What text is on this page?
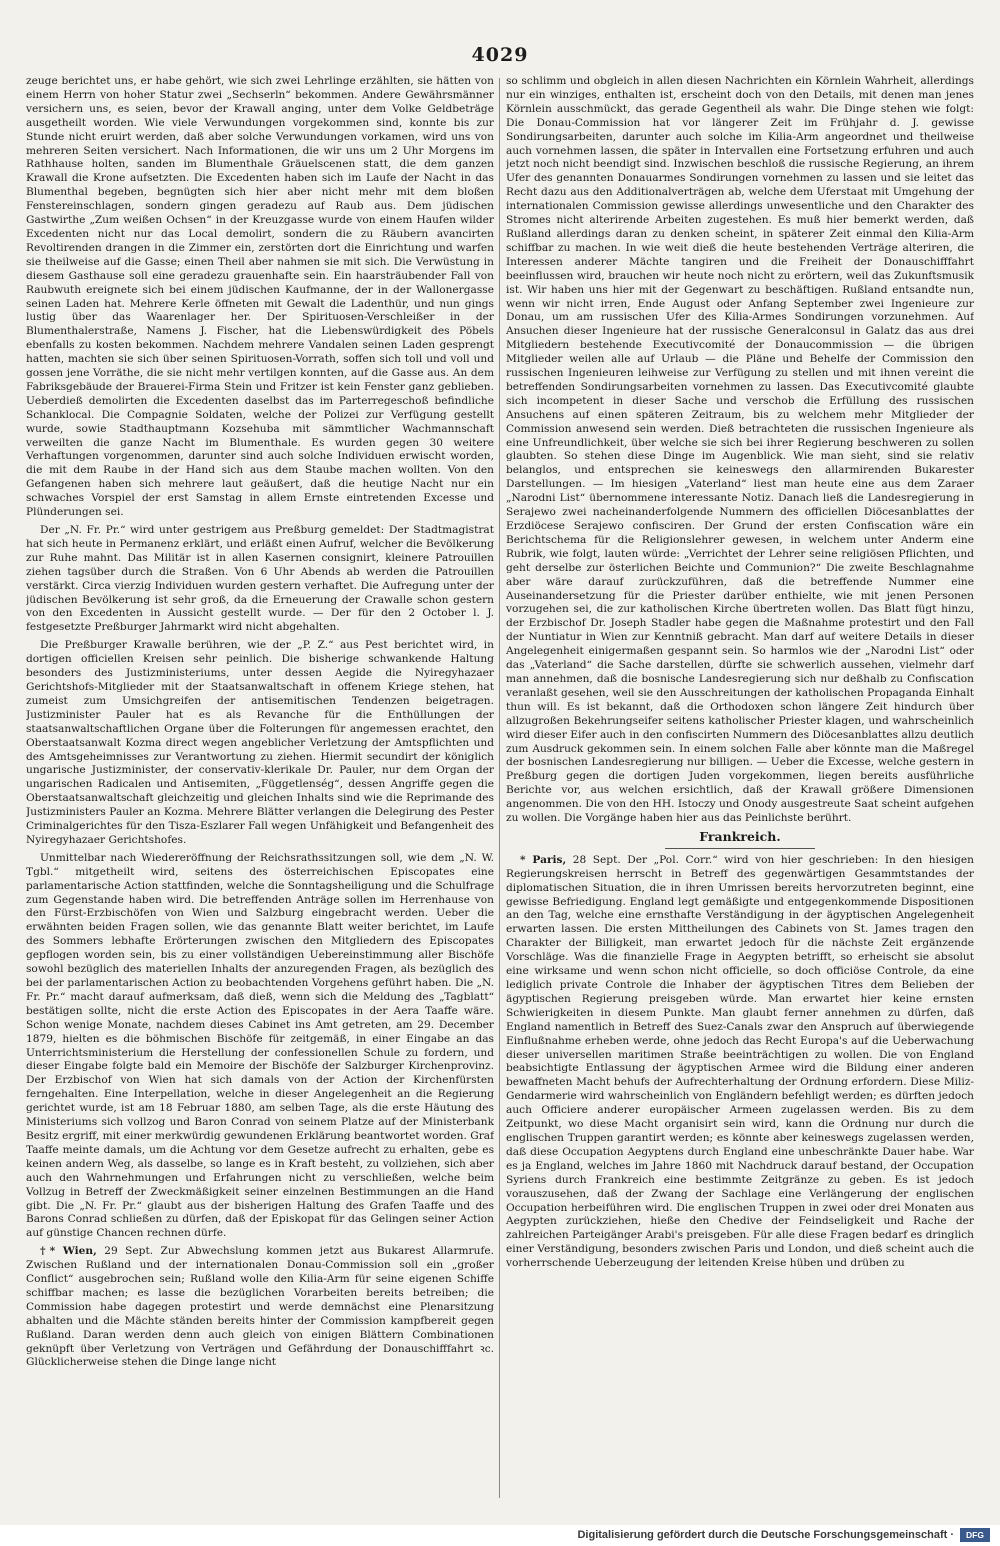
4029

zeuge berichtet uns, er habe gehört, wie sich zwei Lehrlinge erzählten, sie hätten von einem Herrn von hoher Statur zwei „Sechserln“ bekommen. Andere Gewährsmänner versichern uns, es seien, bevor der Krawall anging, unter dem Volke Geldbeträge ausgetheilt worden. Wie viele Verwundungen vorgekommen sind, konnte bis zur Stunde nicht eruirt werden, daß aber solche Verwundungen vorkamen, wird uns von mehreren Seiten versichert. Nach Informationen, die wir uns um 2 Uhr Morgens im Rathhause holten, sanden im Blumenthale Gräuelscenen statt, die dem ganzen Krawall die Krone aufsetzten. Die Excedenten haben sich im Laufe der Nacht in das Blumenthal begeben, begnügten sich hier aber nicht mehr mit dem bloßen Fenstereinschlagen, sondern gingen geradezu auf Raub aus. Dem jüdischen Gastwirthe „Zum weißen Ochsen“ in der Kreuzgasse wurde von einem Haufen wilder Excedenten nicht nur das Local demolirt, sondern die zu Räubern avancirten Revoltirenden drangen in die Zimmer ein, zerstörten dort die Einrichtung und warfen sie theilweise auf die Gasse; einen Theil aber nahmen sie mit sich. Die Verwüstung in diesem Gasthause soll eine geradezu grauenhafte sein. Ein haarsträubender Fall von Raubwuth ereignete sich bei einem jüdischen Kaufmanne, der in der Wallonergasse seinen Laden hat. Mehrere Kerle öffneten mit Gewalt die Ladenthür, und nun gings lustig über das Waarenlager her. Der Spirituosen-Verschleißer in der Blumenthalerstraße, Namens J. Fischer, hat die Liebenswürdigkeit des Pöbels ebenfalls zu kosten bekommen. Nachdem mehrere Vandalen seinen Laden gesprengt hatten, machten sie sich über seinen Spirituosen-Vorrath, soffen sich toll und voll und gossen jene Vorräthe, die sie nicht mehr vertilgen konnten, auf die Gasse aus. An dem Fabriksgebäude der Brauerei-Firma Stein und Fritzer ist kein Fenster ganz geblieben. Ueberdieß demolirten die Excedenten daselbst das im Parterregeschoß befindliche Schanklocal. Die Compagnie Soldaten, welche der Polizei zur Verfügung gestellt wurde, sowie Stadthauptmann Kozsehuba mit sämmtlicher Wachmannschaft verweilten die ganze Nacht im Blumenthale. Es wurden gegen 30 weitere Verhaftungen vorgenommen, darunter sind auch solche Individuen erwischt worden, die mit dem Raube in der Hand sich aus dem Staube machen wollten. Von den Gefangenen haben sich mehrere laut geäußert, daß die heutige Nacht nur ein schwaches Vorspiel der erst Samstag in allem Ernste eintretenden Excesse und Plünderungen sei.

Der „N. Fr. Pr.“ wird unter gestrigem aus Preßburg gemeldet: Der Stadtmagistrat hat sich heute in Permanenz erklärt, und erläßt einen Aufruf, welcher die Bevölkerung zur Ruhe mahnt. Das Militär ist in allen Kasernen consignirt, kleinere Patrouillen ziehen tagsüber durch die Straßen. Von 6 Uhr Abends ab werden die Patrouillen verstärkt. Circa vierzig Individuen wurden gestern verhaftet. Die Aufregung unter der jüdischen Bevölkerung ist sehr groß, da die Erneuerung der Crawalle schon gestern von den Excedenten in Aussicht gestellt wurde. — Der für den 2 October l. J. festgesetzte Preßburger Jahrmarkt wird nicht abgehalten.

Die Preßburger Krawalle berühren, wie der „P. Z.“ aus Pest berichtet wird, in dortigen officiellen Kreisen sehr peinlich. Die bisherige schwankende Haltung besonders des Justizministeriums, unter dessen Aegide die Nyiregyhazaer Gerichtshofs-Mitglieder mit der Staatsanwaltschaft in offenem Kriege stehen, hat zumeist zum Umsichgreifen der antisemitischen Tendenzen beigetragen. Justizminister Pauler hat es als Revanche für die Enthüllungen der staatsanwaltschaftlichen Organe über die Folterungen für angemessen erachtet, den Oberstaatsanwalt Kozma direct wegen angeblicher Verletzung der Amtspflichten und des Amtsgeheimnisses zur Verantwortung zu ziehen. Hiermit secundirt der königlich ungarische Justizminister, der conservativ-klerikale Dr. Pauler, nur dem Organ der ungarischen Radicalen und Antisemiten, „Függetlenség“, dessen Angriffe gegen die Oberstaatsanwaltschaft gleichzeitig und gleichen Inhalts sind wie die Reprimande des Justizministers Pauler an Kozma. Mehrere Blätter verlangen die Delegirung des Pester Criminalgerichtes für den Tisza-Eszlarer Fall wegen Unfähigkeit und Befangenheit des Nyiregyhazaer Gerichtshofes.

Unmittelbar nach Wiedereröffnung der Reichsrathssitzungen soll, wie dem „N. W. Tgbl.“ mitgetheilt wird, seitens des österreichischen Episcopates eine parlamentarische Action stattfinden, welche die Sonntagsheiligung und die Schulfrage zum Gegenstande haben wird. Die betreffenden Anträge sollen im Herrenhause von den Fürst-Erzbischöfen von Wien und Salzburg eingebracht werden. Ueber die erwähnten beiden Fragen sollen, wie das genannte Blatt weiter berichtet, im Laufe des Sommers lebhafte Erörterungen zwischen den Mitgliedern des Episcopates gepflogen worden sein, bis zu einer vollständigen Uebereinstimmung aller Bischöfe sowohl bezüglich des materiellen Inhalts der anzuregenden Fragen, als bezüglich des bei der parlamentarischen Action zu beobachtenden Vorgehens geführt haben. Die „N. Fr. Pr.“ macht darauf aufmerksam, daß dieß, wenn sich die Meldung des „Tagblatt“ bestätigen sollte, nicht die erste Action des Episcopates in der Aera Taaffe wäre. Schon wenige Monate, nachdem dieses Cabinet ins Amt getreten, am 29. December 1879, hielten es die böhmischen Bischöfe für zeitgemäß, in einer Eingabe an das Unterrichtsministerium die Herstellung der confessionellen Schule zu fordern, und dieser Eingabe folgte bald ein Memoire der Bischöfe der Salzburger Kirchenprovinz. Der Erzbischof von Wien hat sich damals von der Action der Kirchenfürsten ferngehalten. Eine Interpellation, welche in dieser Angelegenheit an die Regierung gerichtet wurde, ist am 18 Februar 1880, am selben Tage, als die erste Häutung des Ministeriums sich vollzog und Baron Conrad von seinem Platze auf der Ministerbank Besitz ergriff, mit einer merkwürdig gewundenen Erklärung beantwortet worden. Graf Taaffe meinte damals, um die Achtung vor dem Gesetze aufrecht zu erhalten, gebe es keinen andern Weg, als dasselbe, so lange es in Kraft besteht, zu vollziehen, sich aber auch den Wahrnehmungen und Erfahrungen nicht zu verschließen, welche beim Vollzug in Betreff der Zweckmäßigkeit seiner einzelnen Bestimmungen an die Hand gibt. Die „N. Fr. Pr.“ glaubt aus der bisherigen Haltung des Grafen Taaffe und des Barons Conrad schließen zu dürfen, daß der Episkopat für das Gelingen seiner Action auf günstige Chancen rechnen dürfe.

†* Wien, 29 Sept. Zur Abwechslung kommen jetzt aus Bukarest Allarmrufe. Zwischen Rußland und der internationalen Donau-Commission soll ein „großer Conflict“ ausgebrochen sein; Rußland wolle den Kilia-Arm für seine eigenen Schiffe schiffbar machen; es lasse die bezüglichen Vorarbeiten bereits betreiben; die Commission habe dagegen protestirt und werde demnächst eine Plenarsitzung abhalten und die Mächte ständen bereits hinter der Commission kampfbereit gegen Rußland. Daran werden denn auch gleich von einigen Blättern Combinationen geknüpft über Verletzung von Verträgen und Gefährdung der Donauschifffahrt ꝛc. Glücklicherweise stehen die Dinge lange nicht

so schlimm und obgleich in allen diesen Nachrichten ein Körnlein Wahrheit, allerdings nur ein winziges, enthalten ist, erscheint doch von den Details, mit denen man jenes Körnlein ausschmückt, das gerade Gegentheil als wahr. Die Dinge stehen wie folgt: Die Donau-Commission hat vor längerer Zeit im Frühjahr d. J. gewisse Sondirungsarbeiten, darunter auch solche im Kilia-Arm angeordnet und theilweise auch vornehmen lassen, die später in Intervallen eine Fortsetzung erfuhren und auch jetzt noch nicht beendigt sind. Inzwischen beschloß die russische Regierung, an ihrem Ufer des genannten Donauarmes Sondirungen vornehmen zu lassen und sie leitet das Recht dazu aus den Additionalverträgen ab, welche dem Uferstaat mit Umgehung der internationalen Commission gewisse allerdings unwesentliche und den Charakter des Stromes nicht alterirende Arbeiten zugestehen. Es muß hier bemerkt werden, daß Rußland allerdings daran zu denken scheint, in späterer Zeit einmal den Kilia-Arm schiffbar zu machen. In wie weit dieß die heute bestehenden Verträge alteriren, die Interessen anderer Mächte tangiren und die Freiheit der Donauschifffahrt beeinflussen wird, brauchen wir heute noch nicht zu erörtern, weil das Zukunftsmusik ist. Wir haben uns hier mit der Gegenwart zu beschäftigen. Rußland entsandte nun, wenn wir nicht irren, Ende August oder Anfang September zwei Ingenieure zur Donau, um am russischen Ufer des Kilia-Armes Sondirungen vorzunehmen. Auf Ansuchen dieser Ingenieure hat der russische Generalconsul in Galatz das aus drei Mitgliedern bestehende Executivcomité der Donaucommission — die übrigen Mitglieder weilen alle auf Urlaub — die Pläne und Behelfe der Commission den russischen Ingenieuren leihweise zur Verfügung zu stellen und mit ihnen vereint die betreffenden Sondirungsarbeiten vornehmen zu lassen. Das Executivcomité glaubte sich incompetent in dieser Sache und verschob die Erfüllung des russischen Ansuchens auf einen späteren Zeitraum, bis zu welchem mehr Mitglieder der Commission anwesend sein werden. Dieß betrachteten die russischen Ingenieure als eine Unfreundlichkeit, über welche sie sich bei ihrer Regierung beschweren zu sollen glaubten. So stehen diese Dinge im Augenblick. Wie man sieht, sind sie relativ belanglos, und entsprechen sie keineswegs den allarmirenden Bukarester Darstellungen. — Im hiesigen „Vaterland“ liest man heute eine aus dem Zaraer „Narodni List“ übernommene interessante Notiz. Danach ließ die Landesregierung in Serajewo zwei nacheinanderfolgende Nummern des officiellen Diöcesanblattes der Erzdiöcese Serajewo confisciren. Der Grund der ersten Confiscation wäre ein Berichtschema für die Religionslehrer gewesen, in welchem unter Anderm eine Rubrik, wie folgt, lauten würde: „Verrichtet der Lehrer seine religiösen Pflichten, und geht derselbe zur österlichen Beichte und Communion?“ Die zweite Beschlagnahme aber wäre darauf zurückzuführen, daß die betreffende Nummer eine Auseinandersetzung für die Priester darüber enthielte, wie mit jenen Personen vorzugehen sei, die zur katholischen Kirche übertreten wollen. Das Blatt fügt hinzu, der Erzbischof Dr. Joseph Stadler habe gegen die Maßnahme protestirt und den Fall der Nuntiatur in Wien zur Kenntniß gebracht. Man darf auf weitere Details in dieser Angelegenheit einigermaßen gespannt sein. So harmlos wie der „Narodni List“ oder das „Vaterland“ die Sache darstellen, dürfte sie schwerlich aussehen, vielmehr darf man annehmen, daß die bosnische Landesregierung sich nur deßhalb zu Confiscation veranlaßt gesehen, weil sie den Ausschreitungen der katholischen Propaganda Einhalt thun will. Es ist bekannt, daß die Orthodoxen schon längere Zeit hindurch über allzugroßen Bekehrungseifer seitens katholischer Priester klagen, und wahrscheinlich wird dieser Eifer auch in den confiscirten Nummern des Diöcesanblattes allzu deutlich zum Ausdruck gekommen sein. In einem solchen Falle aber könnte man die Maßregel der bosnischen Landesregierung nur billigen. — Ueber die Excesse, welche gestern in Preßburg gegen die dortigen Juden vorgekommen, liegen bereits ausführliche Berichte vor, aus welchen ersichtlich, daß der Krawall größere Dimensionen angenommen. Die von den HH. Istoczy und Onody ausgestreute Saat scheint aufgehen zu wollen. Die Vorgänge haben hier aus das Peinlichste berührt.

Frankreich.

* Paris, 28 Sept. Der „Pol. Corr.“ wird von hier geschrieben: In den hiesigen Regierungskreisen herrscht in Betreff des gegenwärtigen Gesammtstandes der diplomatischen Situation, die in ihren Umrissen bereits hervorzutreten beginnt, eine gewisse Befriedigung. England legt gemäßigte und entgegenkommende Dispositionen an den Tag, welche eine ernsthafte Verständigung in der ägyptischen Angelegenheit erwarten lassen. Die ersten Mittheilungen des Cabinets von St. James tragen den Charakter der Billigkeit, man erwartet jedoch für die nächste Zeit ergänzende Vorschläge. Was die finanzielle Frage in Aegypten betrifft, so erheischt sie absolut eine wirksame und wenn schon nicht officielle, so doch officiöse Controle, da eine lediglich private Controle die Inhaber der ägyptischen Titres dem Belieben der ägyptischen Regierung preisgeben würde. Man erwartet hier keine ernsten Schwierigkeiten in diesem Punkte. Man glaubt ferner annehmen zu dürfen, daß England namentlich in Betreff des Suez-Canals zwar den Anspruch auf überwiegende Einflußnahme erheben werde, ohne jedoch das Recht Europa's auf die Ueberwachung dieser universellen maritimen Straße beeinträchtigen zu wollen. Die von England beabsichtigte Entlassung der ägyptischen Armee wird die Bildung einer anderen bewaffneten Macht behufs der Aufrechterhaltung der Ordnung erfordern. Diese Miliz-Gendarmerie wird wahrscheinlich von Engländern befehligt werden; es dürften jedoch auch Officiere anderer europäischer Armeen zugelassen werden. Bis zu dem Zeitpunkt, wo diese Macht organisirt sein wird, kann die Ordnung nur durch die englischen Truppen garantirt werden; es könnte aber keineswegs zugelassen werden, daß diese Occupation Aegyptens durch England eine unbeschränkte Dauer habe. War es ja England, welches im Jahre 1860 mit Nachdruck darauf bestand, der Occupation Syriens durch Frankreich eine bestimmte Zeitgränze zu geben. Es ist jedoch vorauszusehen, daß der Zwang der Sachlage eine Verlängerung der englischen Occupation herbeiführen wird. Die englischen Truppen in zwei oder drei Monaten aus Aegypten zurückziehen, hieße den Chedive der Feindseligkeit und Rache der zahlreichen Parteigänger Arabi's preisgeben. Für alle diese Fragen bedarf es dringlich einer Verständigung, besonders zwischen Paris und London, und dieß scheint auch die vorherrschende Ueberzeugung der leitenden Kreise hüben und drüben zu

Digitalisierung gefördert durch die Deutsche Forschungsgemeinschaft ·	DFG
